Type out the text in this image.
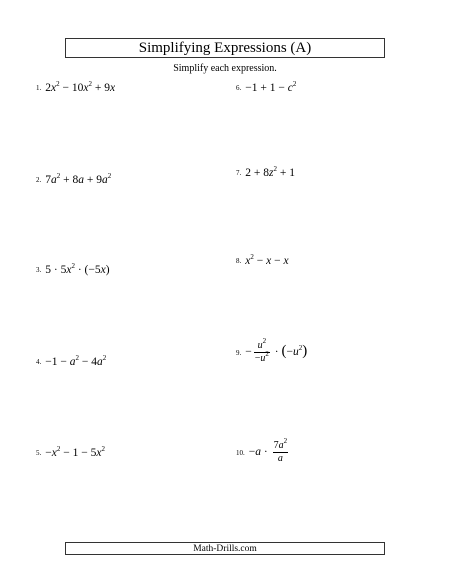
Simplifying Expressions (A)
Simplify each expression.
1. $2x^2 - 10x^2 + 9x$
2. $7a^2 + 8a + 9a^2$
3. $5 \cdot 5x^2 \cdot (-5x)$
4. $-1 - a^2 - 4a^2$
5. $-x^2 - 1 - 5x^2$
6. $-1 + 1 - c^2$
7. $2 + 8z^2 + 1$
8. $x^2 - x - x$
9. − $\frac{u^2}{-u^2} \cdot (-u^2)$
10. $-a \cdot \frac{7a^2}{a}$
Math-Drills.com
